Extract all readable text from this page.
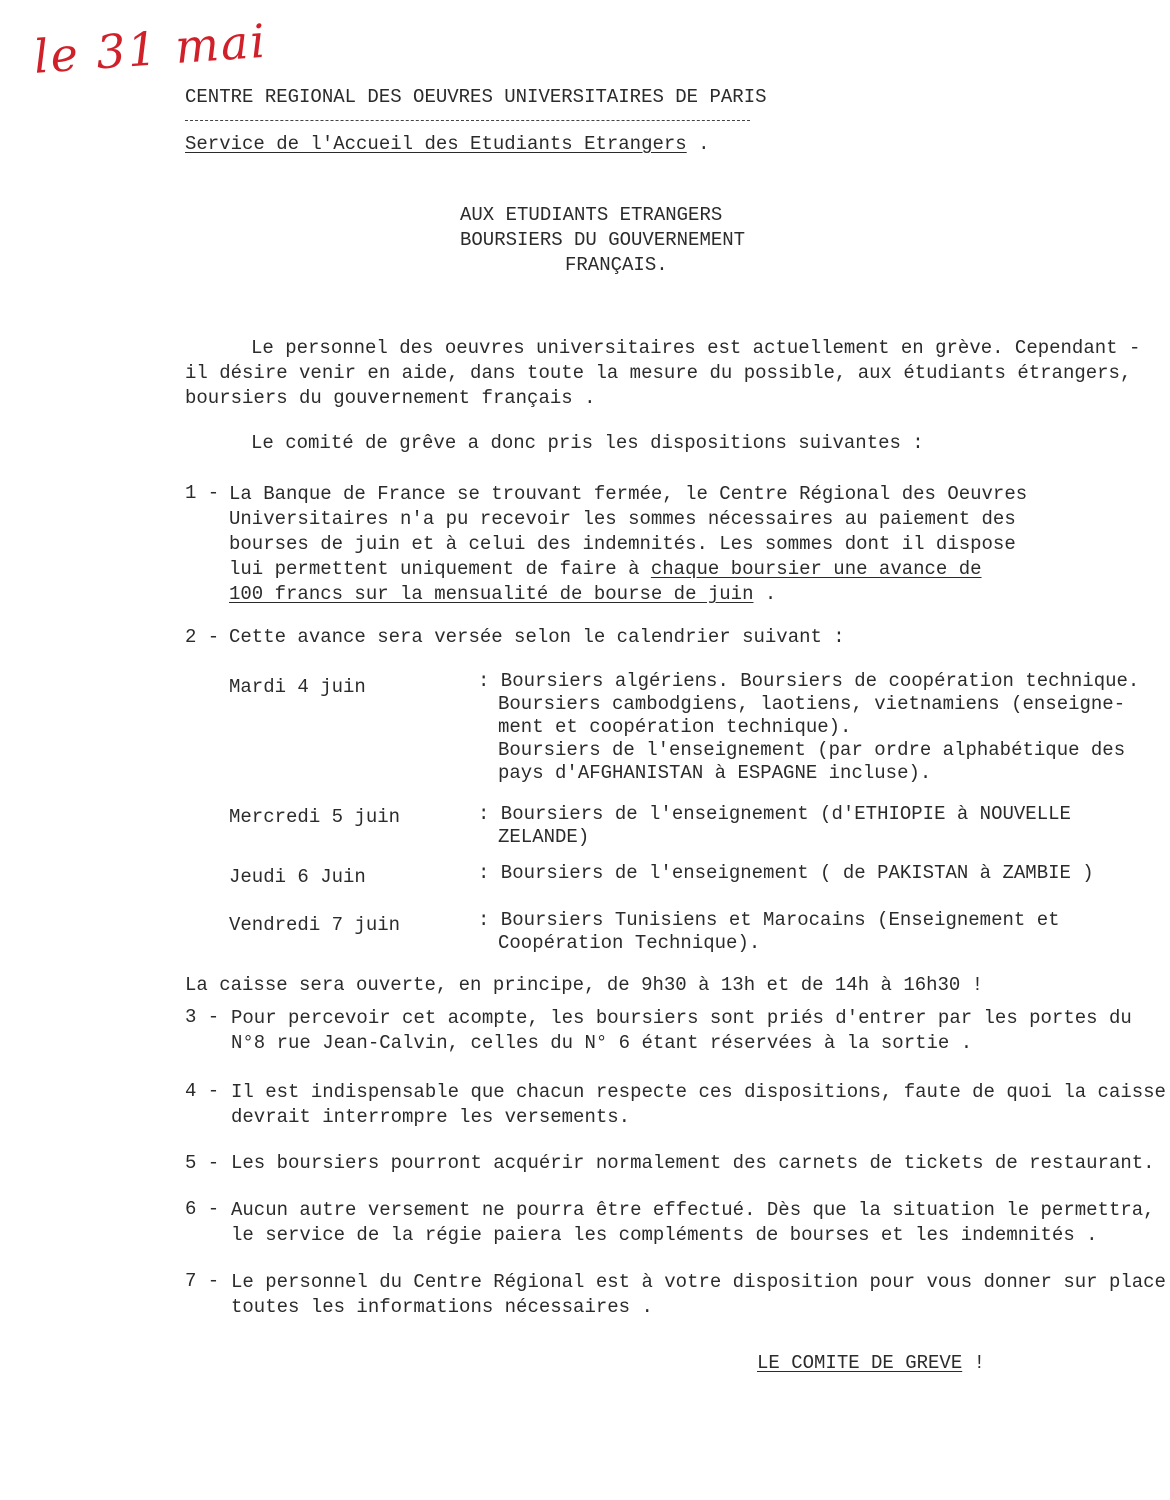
le 31 mai
CENTRE REGIONAL DES OEUVRES UNIVERSITAIRES DE PARIS
Service de l'Accueil des Etudiants Etrangers .
AUX ETUDIANTS ETRANGERS
BOURSIERS DU GOUVERNEMENT
FRANÇAIS.
Le personnel des oeuvres universitaires est actuellement en grève. Cependant -
il désire venir en aide, dans toute la mesure du possible, aux étudiants étrangers,
boursiers du gouvernement français .
Le comité de grêve a donc pris les dispositions suivantes :
1 - La Banque de France se trouvant fermée, le Centre Régional des Oeuvres
Universitaires n'a pu recevoir les sommes nécessaires au paiement des
bourses de juin et à celui des indemnités. Les sommes dont il dispose
lui permettent uniquement de faire à chaque boursier une avance de
100 francs sur la mensualité de bourse de juin .
2 - Cette avance sera versée selon le calendrier suivant :
Mardi 4 juin	: Boursiers algériens. Boursiers de coopération technique.
Boursiers cambodgiens, laotiens, vietnamiens (enseigne-
ment et coopération technique).
Boursiers de l'enseignement (par ordre alphabétique des
pays d'AFGHANISTAN à ESPAGNE incluse).
Mercredi 5 juin	: Boursiers de l'enseignement (d'ETHIOPIE à NOUVELLE
ZELANDE)
Jeudi 6 Juin	: Boursiers de l'enseignement ( de PAKISTAN à ZAMBIE )
Vendredi 7 juin	: Boursiers Tunisiens et Marocains (Enseignement et
Coopération Technique).
La caisse sera ouverte, en principe, de 9h30 à 13h et de 14h à 16h30 !
3 - Pour percevoir cet acompte, les boursiers sont priés d'entrer par les portes du
N°8 rue Jean-Calvin, celles du N° 6 étant réservées à la sortie .
4 - Il est indispensable que chacun respecte ces dispositions, faute de quoi la caisse
devrait interrompre les versements.
5 - Les boursiers pourront acquérir normalement des carnets de tickets de restaurant.
6 - Aucun autre versement ne pourra être effectué. Dès que la situation le permettra,
le service de la régie paiera les compléments de bourses et les indemnités .
7 - Le personnel du Centre Régional est à votre disposition pour vous donner sur place
toutes les informations nécessaires .
LE COMITE DE GREVE !
